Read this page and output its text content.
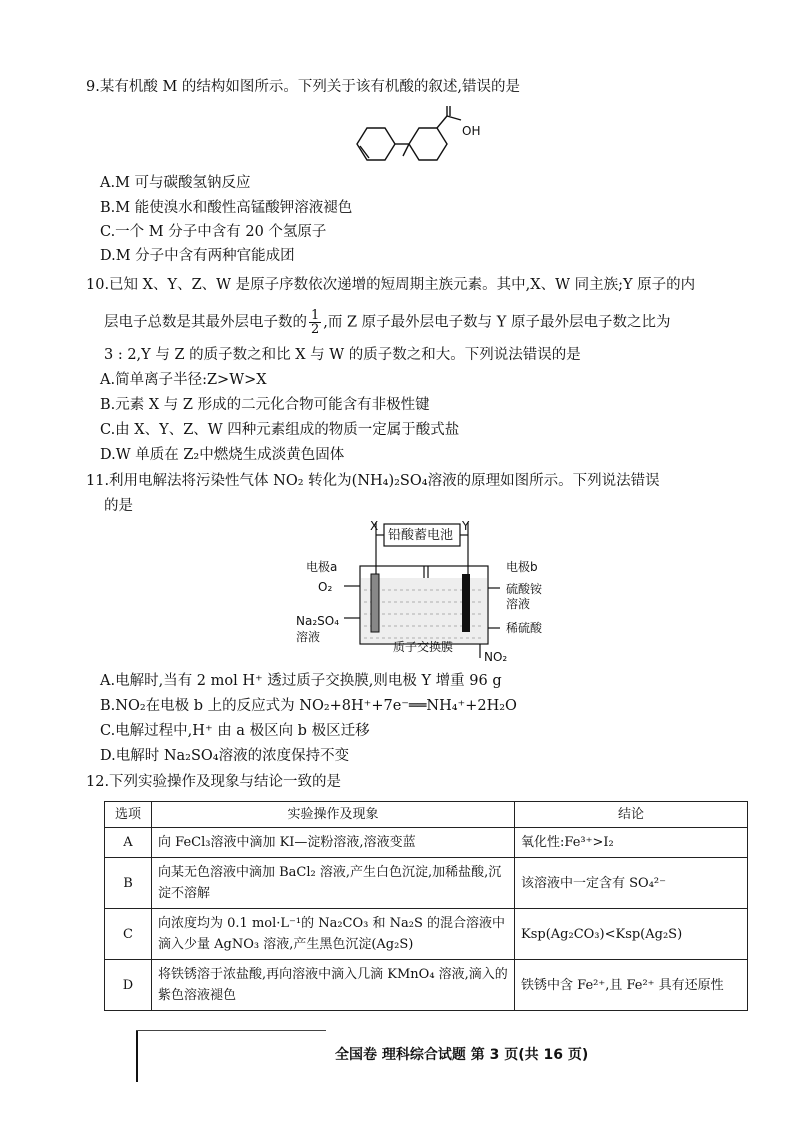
9.某有机酸 M 的结构如图所示。下列关于该有机酸的叙述,错误的是
OH
A.M 可与碳酸氢钠反应
B.M 能使溴水和酸性高锰酸钾溶液褪色
C.一个 M 分子中含有 20 个氢原子
D.M 分子中含有两种官能成团
10.已知 X、Y、Z、W 是原子序数依次递增的短周期主族元素。其中,X、W 同主族;Y 原子的内
层电子总数是其最外层电子数的 $\frac{1}{2}$ ,而 Z 原子最外层电子数与 Y 原子最外层电子数之比为
3 : 2,Y 与 Z 的质子数之和比 X 与 W 的质子数之和大。下列说法错误的是
A.简单离子半径:Z>W>X
B.元素 X 与 Z 形成的二元化合物可能含有非极性键
C.由 X、Y、Z、W 四种元素组成的物质一定属于酸式盐
D.W 单质在 Z₂中燃烧生成淡黄色固体
11.利用电解法将污染性气体 NO₂ 转化为(NH₄)₂SO₄溶液的原理如图所示。下列说法错误
的是
X	Y
铅酸蓄电池
电极a
O₂
电极b
硫酸铵
溶液
Na₂SO₄
溶液
稀硫酸
质子交换膜
NO₂
A.电解时,当有 2 mol H⁺ 透过质子交换膜,则电极 Y 增重 96 g
B.NO₂在电极 b 上的反应式为 NO₂+8H⁺+7e⁻══NH₄⁺+2H₂O
C.电解过程中,H⁺ 由 a 极区向 b 极区迁移
D.电解时 Na₂SO₄溶液的浓度保持不变
12.下列实验操作及现象与结论一致的是
选项	实验操作及现象	结论
A	向 FeCl₃溶液中滴加 KI—淀粉溶液,溶液变蓝	氧化性:Fe³⁺>I₂
B	向某无色溶液中滴加 BaCl₂ 溶液,产生白色沉淀,加稀盐酸,沉淀不溶解	该溶液中一定含有 SO₄²⁻
C	向浓度均为 0.1 mol·L⁻¹的 Na₂CO₃ 和 Na₂S 的混合溶液中滴入少量 AgNO₃ 溶液,产生黑色沉淀(Ag₂S)	Ksp(Ag₂CO₃)<Ksp(Ag₂S)
D	将铁锈溶于浓盐酸,再向溶液中滴入几滴 KMnO₄ 溶液,滴入的紫色溶液褪色	铁锈中含 Fe²⁺,且 Fe²⁺ 具有还原性
全国卷 理科综合试题 第 3 页(共 16 页)
